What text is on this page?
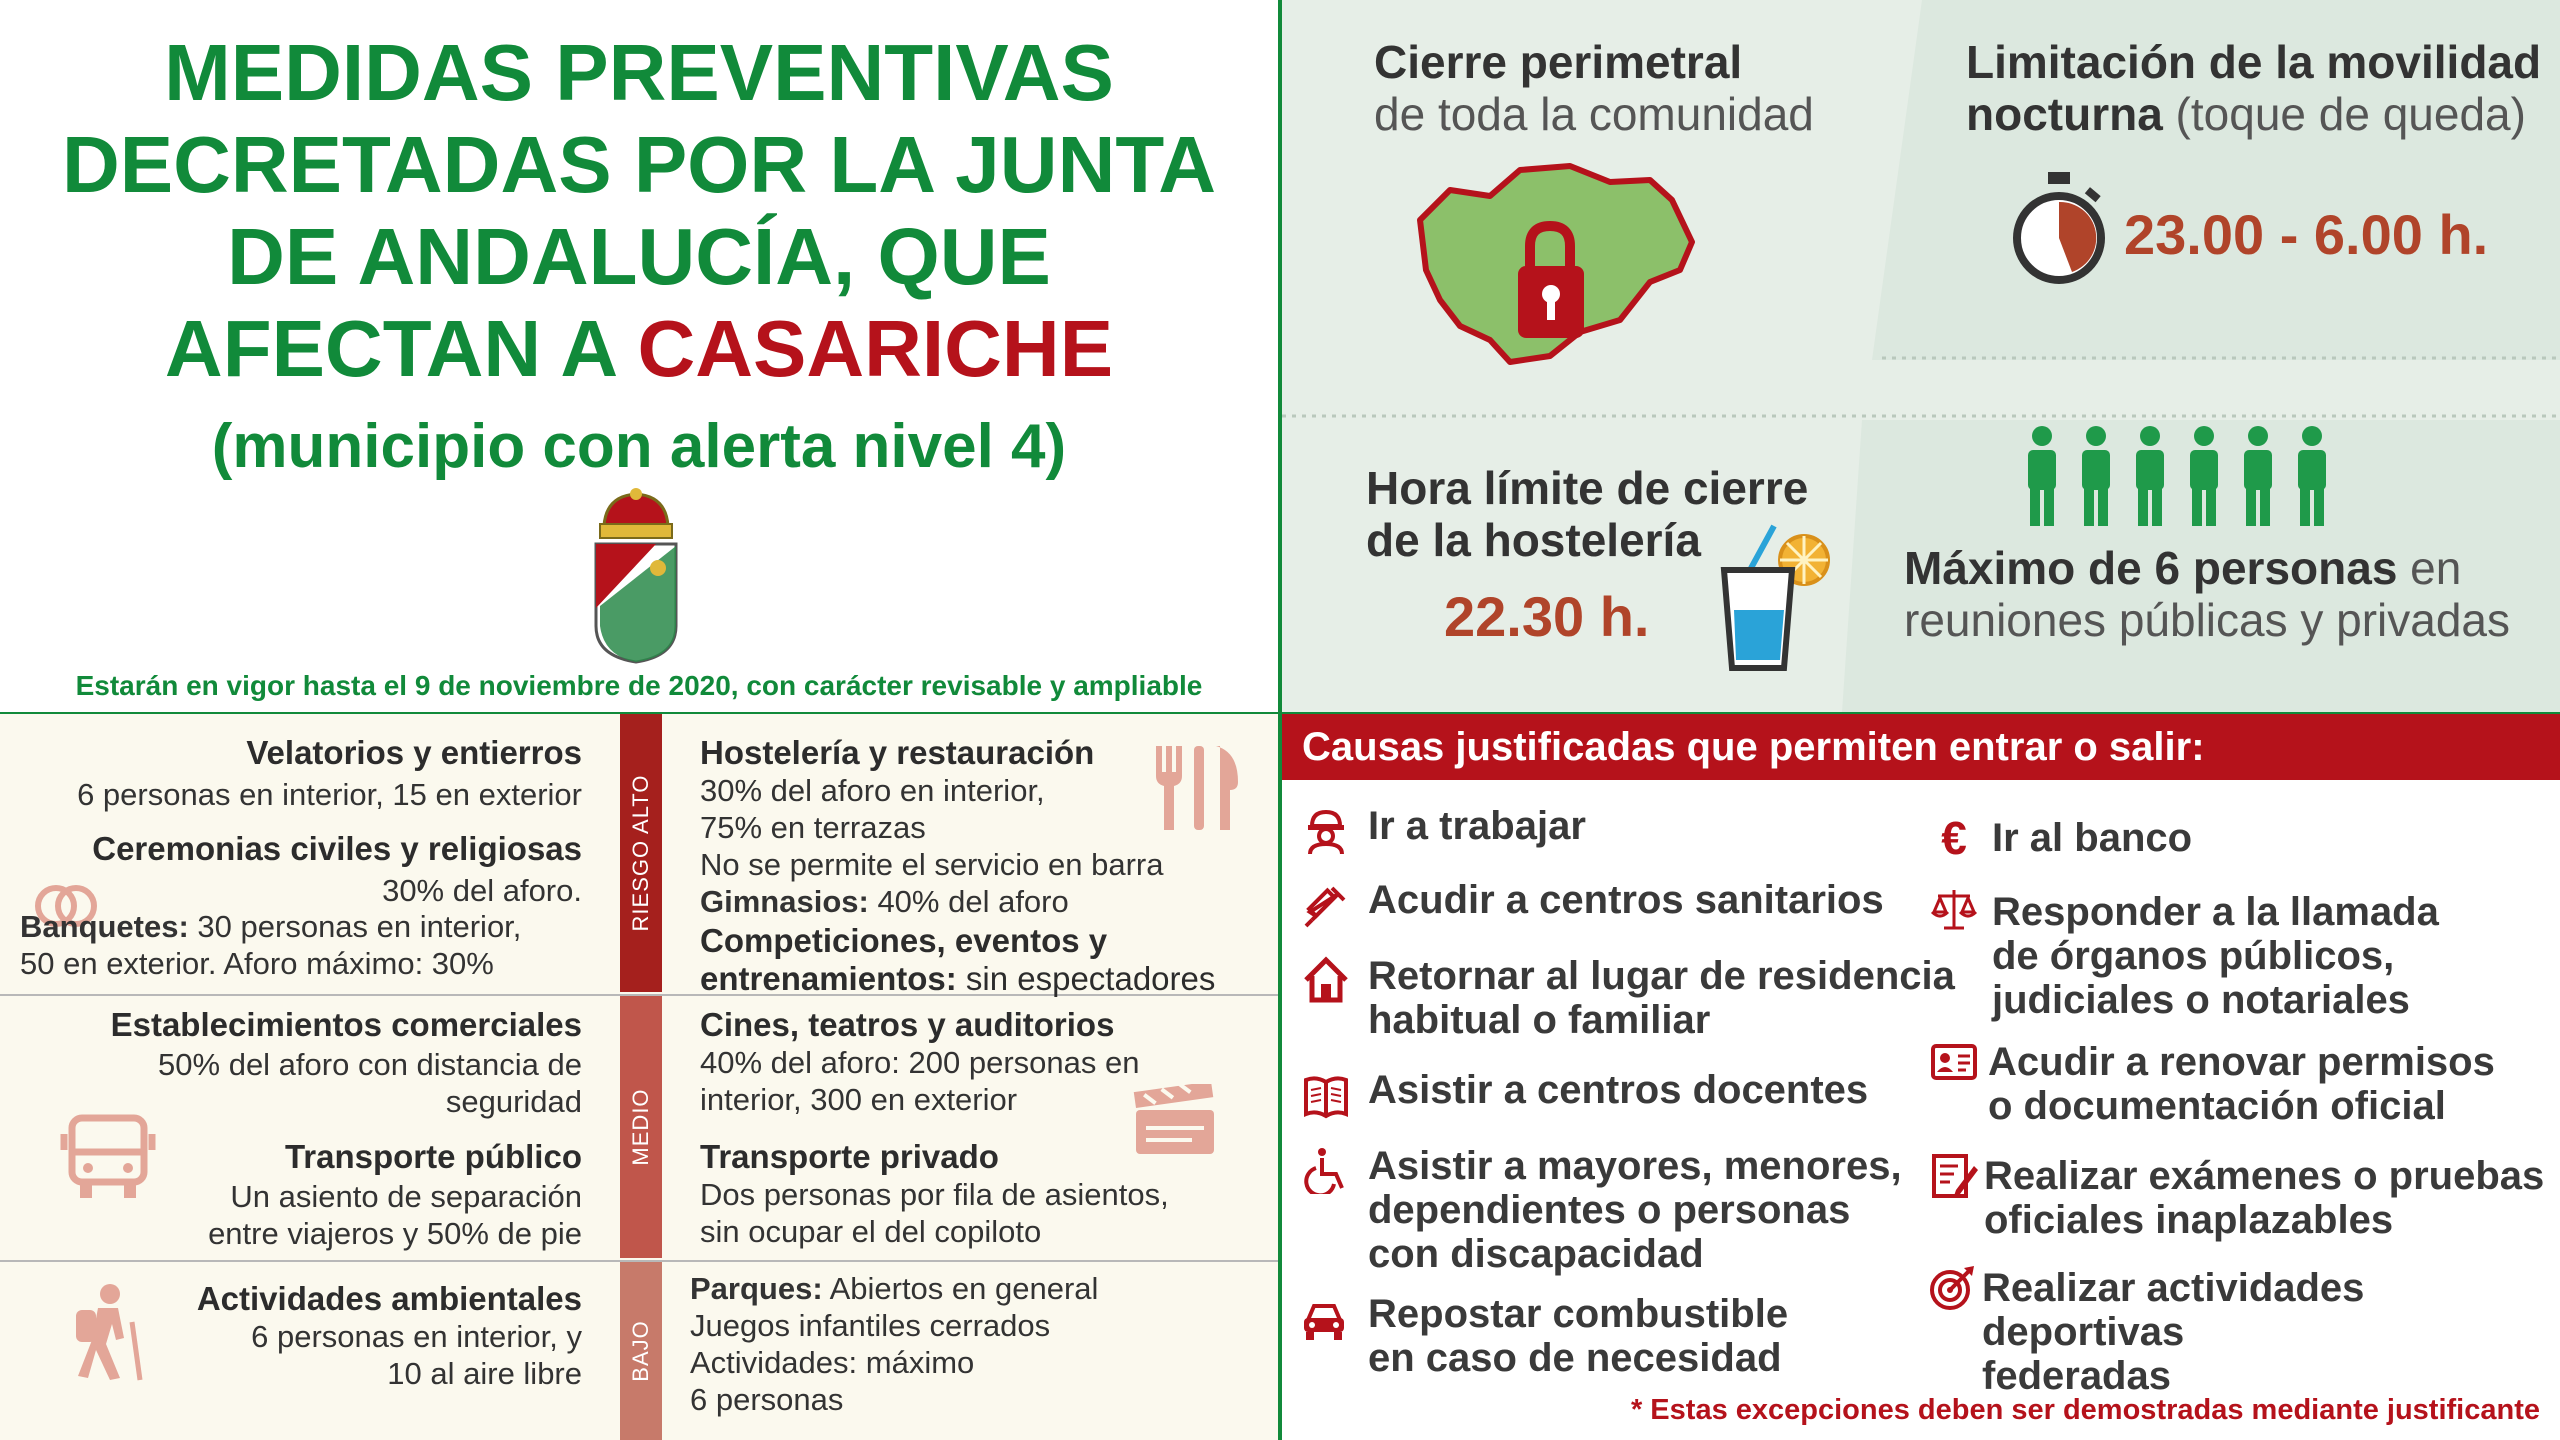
MEDIDAS PREVENTIVAS
DECRETADAS POR LA JUNTA
DE ANDALUCÍA, QUE
AFECTAN A CASARICHE
(municipio con alerta nivel 4)
Estarán en vigor hasta el 9 de noviembre de 2020, con carácter revisable y ampliable
Cierre perimetral
de toda la comunidad
Limitación de la movilidad
nocturna (toque de queda)
23.00 - 6.00 h.
Hora límite de cierre
de la hostelería
22.30 h.
Máximo de 6 personas en
reuniones públicas y privadas
RIESGO ALTO
MEDIO
BAJO
Velatorios y entierros
6 personas en interior, 15 en exterior
Ceremonias civiles y religiosas
30% del aforo.
Banquetes: 30 personas en interior,
50 en exterior. Aforo máximo: 30%
Hostelería y restauración
30% del aforo en interior,
75% en terrazas
No se permite el servicio en barra
Gimnasios: 40% del aforo
Competiciones, eventos y
entrenamientos: sin espectadores
Establecimientos comerciales
50% del aforo con distancia de
seguridad
Transporte público
Un asiento de separación
entre viajeros y 50% de pie
Cines, teatros y auditorios
40% del aforo: 200 personas en
interior, 300 en exterior
Transporte privado
Dos personas por fila de asientos,
sin ocupar el del copiloto
Actividades ambientales
6 personas en interior, y
10 al aire libre
Parques: Abiertos en general
Juegos infantiles cerrados
Actividades: máximo
6 personas
Causas justificadas que permiten entrar o salir:
Ir a trabajar
Acudir a centros sanitarios
Retornar al lugar de residencia
habitual o familiar
Asistir a centros docentes
Asistir a mayores, menores,
dependientes o personas
con discapacidad
Repostar combustible
en caso de necesidad
€ Ir al banco
Responder a la llamada
de órganos públicos,
judiciales o notariales
Acudir a renovar permisos
o documentación oficial
Realizar exámenes o pruebas
oficiales inaplazables
Realizar actividades deportivas
federadas
* Estas excepciones deben ser demostradas mediante justificante
